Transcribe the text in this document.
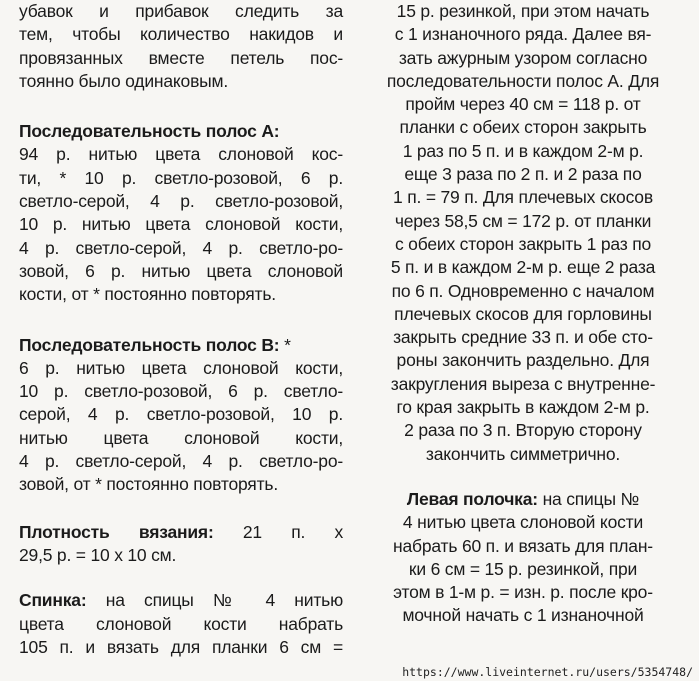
убавок и прибавок следить за
тем, чтобы количество накидов и
провязанных вместе петель пос-
тоянно было одинаковым.
Последовательность полос А:
94 р. нитью цвета слоновой кос-
ти, * 10 р. светло-розовой, 6 р.
светло-серой, 4 р. светло-розовой,
10 р. нитью цвета слоновой кости,
4 р. светло-серой, 4 р. светло-ро-
зовой, 6 р. нитью цвета слоновой
кости, от * постоянно повторять.
Последовательность полос В: *
6 р. нитью цвета слоновой кости,
10 р. светло-розовой, 6 р. светло-
серой, 4 р. светло-розовой, 10 р.
нитью цвета слоновой кости,
4 р. светло-серой, 4 р. светло-ро-
зовой, от * постоянно повторять.
Плотность вязания: 21 п. х
29,5 р. = 10 х 10 см.
Спинка: на спицы № 4 нитью
цвета слоновой кости набрать
105 п. и вязать для планки 6 см =
15 р. резинкой, при этом начать
с 1 изнаночного ряда. Далее вя-
зать ажурным узором согласно
последовательности полос А. Для
пройм через 40 см = 118 р. от
планки с обеих сторон закрыть
1 раз по 5 п. и в каждом 2-м р.
еще 3 раза по 2 п. и 2 раза по
1 п. = 79 п. Для плечевых скосов
через 58,5 см = 172 р. от планки
с обеих сторон закрыть 1 раз по
5 п. и в каждом 2-м р. еще 2 раза
по 6 п. Одновременно с началом
плечевых скосов для горловины
закрыть средние 33 п. и обе сто-
роны закончить раздельно. Для
закругления выреза с внутренне-
го края закрыть в каждом 2-м р.
2 раза по 3 п. Вторую сторону
закончить симметрично.
Левая полочка: на спицы №
4 нитью цвета слоновой кости
набрать 60 п. и вязать для план-
ки 6 см = 15 р. резинкой, при
этом в 1-м р. = изн. р. после кро-
мочной начать с 1 изнаночной
https://www.liveinternet.ru/users/5354748/
